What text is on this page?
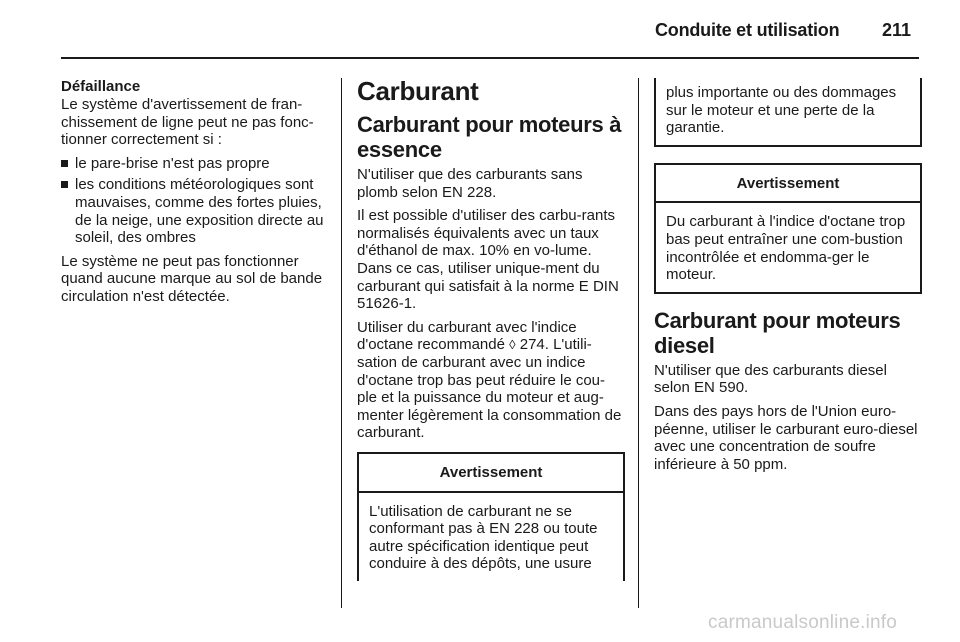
Conduite et utilisation 211
Défaillance

Le système d'avertissement de fran-chissement de ligne peut ne pas fonc-tionner correctement si :

le pare-brise n'est pas propre
les conditions météorologiques sont mauvaises, comme des fortes pluies, de la neige, une exposition directe au soleil, des ombres

Le système ne peut pas fonctionner quand aucune marque au sol de bande circulation n'est détectée.

Carburant
Carburant pour moteurs à essence

N'utiliser que des carburants sans plomb selon EN 228.

Il est possible d'utiliser des carbu-rants normalisés équivalents avec un taux d'éthanol de max. 10% en vo-lume. Dans ce cas, utiliser unique-ment du carburant qui satisfait à la norme E DIN 51626-1.

Utiliser du carburant avec l'indice d'octane recommandé ◊ 274. L'utili-sation de carburant avec un indice d'octane trop bas peut réduire le cou-ple et la puissance du moteur et aug-menter légèrement la consommation de carburant.

Avertissement

L'utilisation de carburant ne se conformant pas à EN 228 ou toute autre spécification identique peut conduire à des dépôts, une usure

plus importante ou des dommages sur le moteur et une perte de la garantie.

Avertissement

Du carburant à l'indice d'octane trop bas peut entraîner une com-bustion incontrôlée et endomma-ger le moteur.

Carburant pour moteurs diesel

N'utiliser que des carburants diesel selon EN 590.

Dans des pays hors de l'Union euro-péenne, utiliser le carburant euro-diesel avec une concentration de soufre inférieure à 50 ppm.

carmanualsonline.info
